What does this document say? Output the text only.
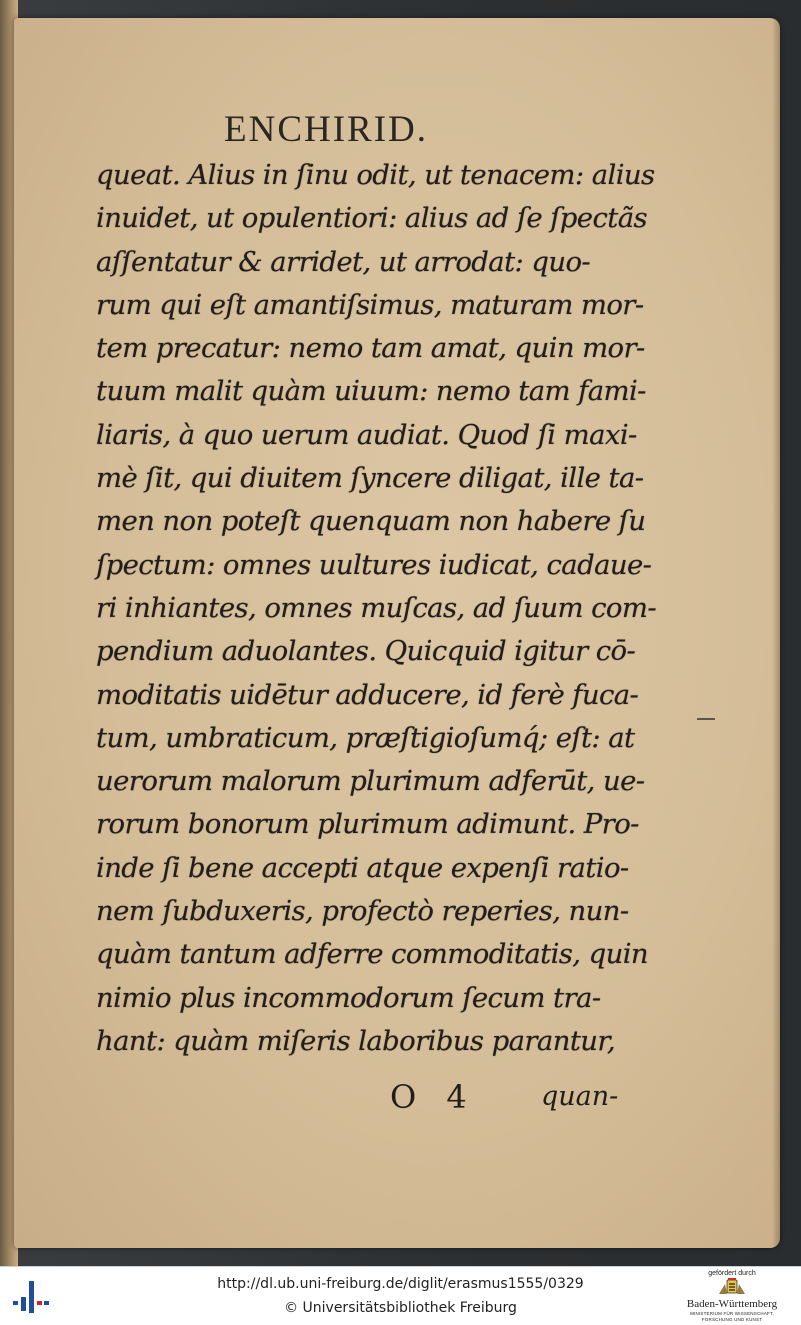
ENCHIRID.
queat. Alius in ſinu odit, ut tenacem: alius
inuidet, ut opulentiori: alius ad ſe ſpectãs
aſſentatur & arridet, ut arrodat: quo-
rum qui eſt amantiſsimus, maturam mor-
tem precatur: nemo tam amat, quin mor-
tuum malit quàm uiuum: nemo tam fami-
liaris, à quo uerum audiat. Quod ſi maxi-
mè ſit, qui diuitem ſyncere diligat, ille ta-
men non poteſt quenquam non habere ſu
ſpectum: omnes uultures iudicat, cadaue-
ri inhiantes, omnes muſcas, ad ſuum com-
pendium aduolantes. Quicquid igitur cō-
moditatis uidētur adducere, id ferè fuca-
tum, umbraticum, præſtigioſumq́; eſt: at
uerorum malorum plurimum adferūt, ue-
rorum bonorum plurimum adimunt. Pro-
inde ſi bene accepti atque expenſi ratio-
nem ſubduxeris, profectò reperies, nun-
quàm tantum adferre commoditatis, quin
nimio plus incommodorum ſecum tra-
hant: quàm miſeris laboribus parantur,
O 4 quan-
http://dl.ub.uni-freiburg.de/diglit/erasmus1555/0329
© Universitätsbibliothek Freiburg
gefördert durch
Baden-Württemberg
MINISTERIUM FÜR WISSENSCHAFT, FORSCHUNG UND KUNST
